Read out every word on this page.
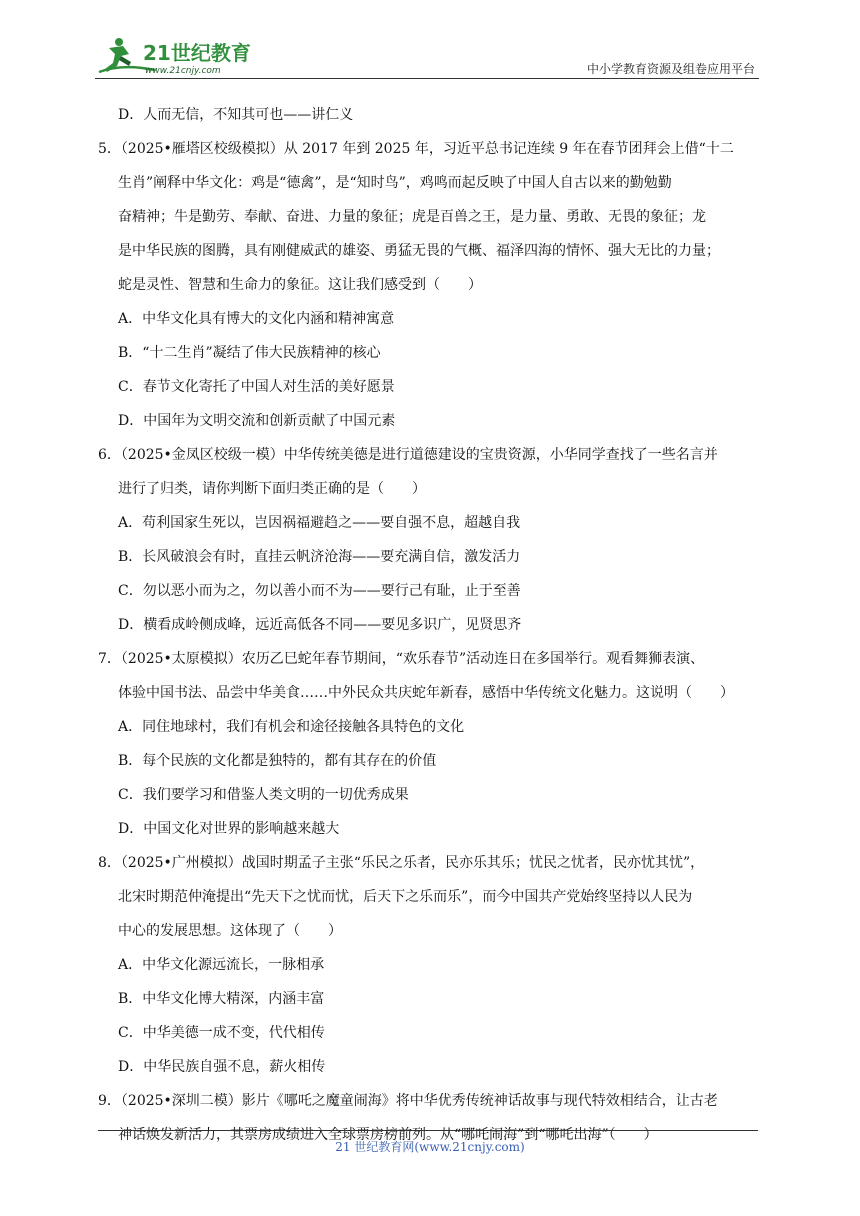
21世纪教育
www.21cnjy.com	中小学教育资源及组卷应用平台
D．人而无信，不知其可也——讲仁义
5．（2025•雁塔区校级模拟）从 2017 年到 2025 年，习近平总书记连续 9 年在春节团拜会上借“十二
生肖”阐释中华文化：鸡是“德禽”，是“知时鸟”，鸡鸣而起反映了中国人自古以来的勤勉勤
奋精神；牛是勤劳、奉献、奋进、力量的象征；虎是百兽之王，是力量、勇敢、无畏的象征；龙
是中华民族的图腾，具有刚健威武的雄姿、勇猛无畏的气概、福泽四海的情怀、强大无比的力量；
蛇是灵性、智慧和生命力的象征。这让我们感受到（　　）
A．中华文化具有博大的文化内涵和精神寓意
B．“十二生肖”凝结了伟大民族精神的核心
C．春节文化寄托了中国人对生活的美好愿景
D．中国年为文明交流和创新贡献了中国元素
6．（2025•金凤区校级一模）中华传统美德是进行道德建设的宝贵资源，小华同学查找了一些名言并
进行了归类，请你判断下面归类正确的是（　　）
A．苟利国家生死以，岂因祸福避趋之——要自强不息，超越自我
B．长风破浪会有时，直挂云帆济沧海——要充满自信，激发活力
C．勿以恶小而为之，勿以善小而不为——要行己有耻，止于至善
D．横看成岭侧成峰，远近高低各不同——要见多识广，见贤思齐
7．（2025•太原模拟）农历乙巳蛇年春节期间，“欢乐春节”活动连日在多国举行。观看舞狮表演、
体验中国书法、品尝中华美食……中外民众共庆蛇年新春，感悟中华传统文化魅力。这说明（　　）
A．同住地球村，我们有机会和途径接触各具特色的文化
B．每个民族的文化都是独特的，都有其存在的价值
C．我们要学习和借鉴人类文明的一切优秀成果
D．中国文化对世界的影响越来越大
8．（2025•广州模拟）战国时期孟子主张“乐民之乐者，民亦乐其乐；忧民之忧者，民亦忧其忧”，
北宋时期范仲淹提出“先天下之忧而忧，后天下之乐而乐”，而今中国共产党始终坚持以人民为
中心的发展思想。这体现了（　　）
A．中华文化源远流长，一脉相承
B．中华文化博大精深，内涵丰富
C．中华美德一成不变，代代相传
D．中华民族自强不息，薪火相传
9．（2025•深圳二模）影片《哪吒之魔童闹海》将中华优秀传统神话故事与现代特效相结合，让古老
神话焕发新活力，其票房成绩进入全球票房榜前列。从“哪吒闹海”到“哪吒出海”（　　）
21 世纪教育网(www.21cnjy.com)
